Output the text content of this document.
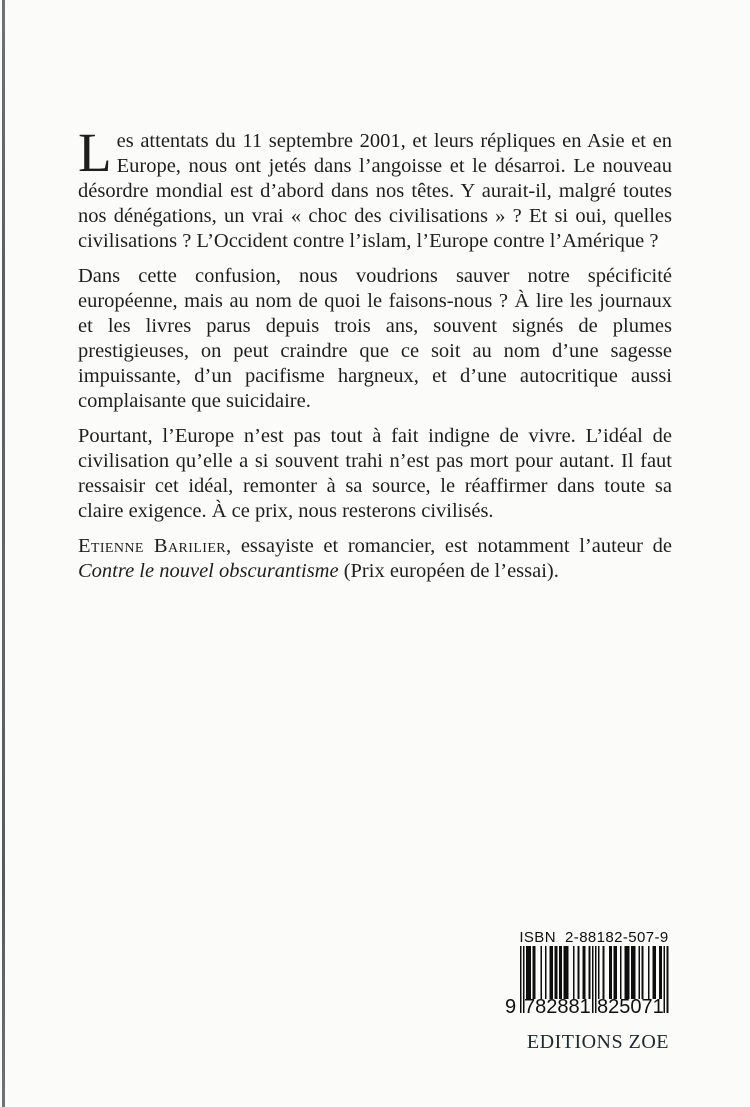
Les attentats du 11 septembre 2001, et leurs répliques en Asie et en Europe, nous ont jetés dans l’angoisse et le désarroi. Le nouveau désordre mondial est d’abord dans nos têtes. Y aurait-il, malgré toutes nos dénégations, un vrai « choc des civilisations » ? Et si oui, quelles civilisations ? L’Occident contre l’islam, l’Europe contre l’Amérique ?

Dans cette confusion, nous voudrions sauver notre spécificité européenne, mais au nom de quoi le faisons-nous ? À lire les journaux et les livres parus depuis trois ans, souvent signés de plumes prestigieuses, on peut craindre que ce soit au nom d’une sagesse impuissante, d’un pacifisme hargneux, et d’une autocritique aussi complaisante que suicidaire.

Pourtant, l’Europe n’est pas tout à fait indigne de vivre. L’idéal de civilisation qu’elle a si souvent trahi n’est pas mort pour autant. Il faut ressaisir cet idéal, remonter à sa source, le réaffirmer dans toute sa claire exigence. À ce prix, nous resterons civilisés.

Etienne Barilier, essayiste et romancier, est notamment l’auteur de Contre le nouvel obscurantisme (Prix européen de l’essai).

ISBN  2-88182-507-9
9 782881 825071
EDITIONS ZOE
